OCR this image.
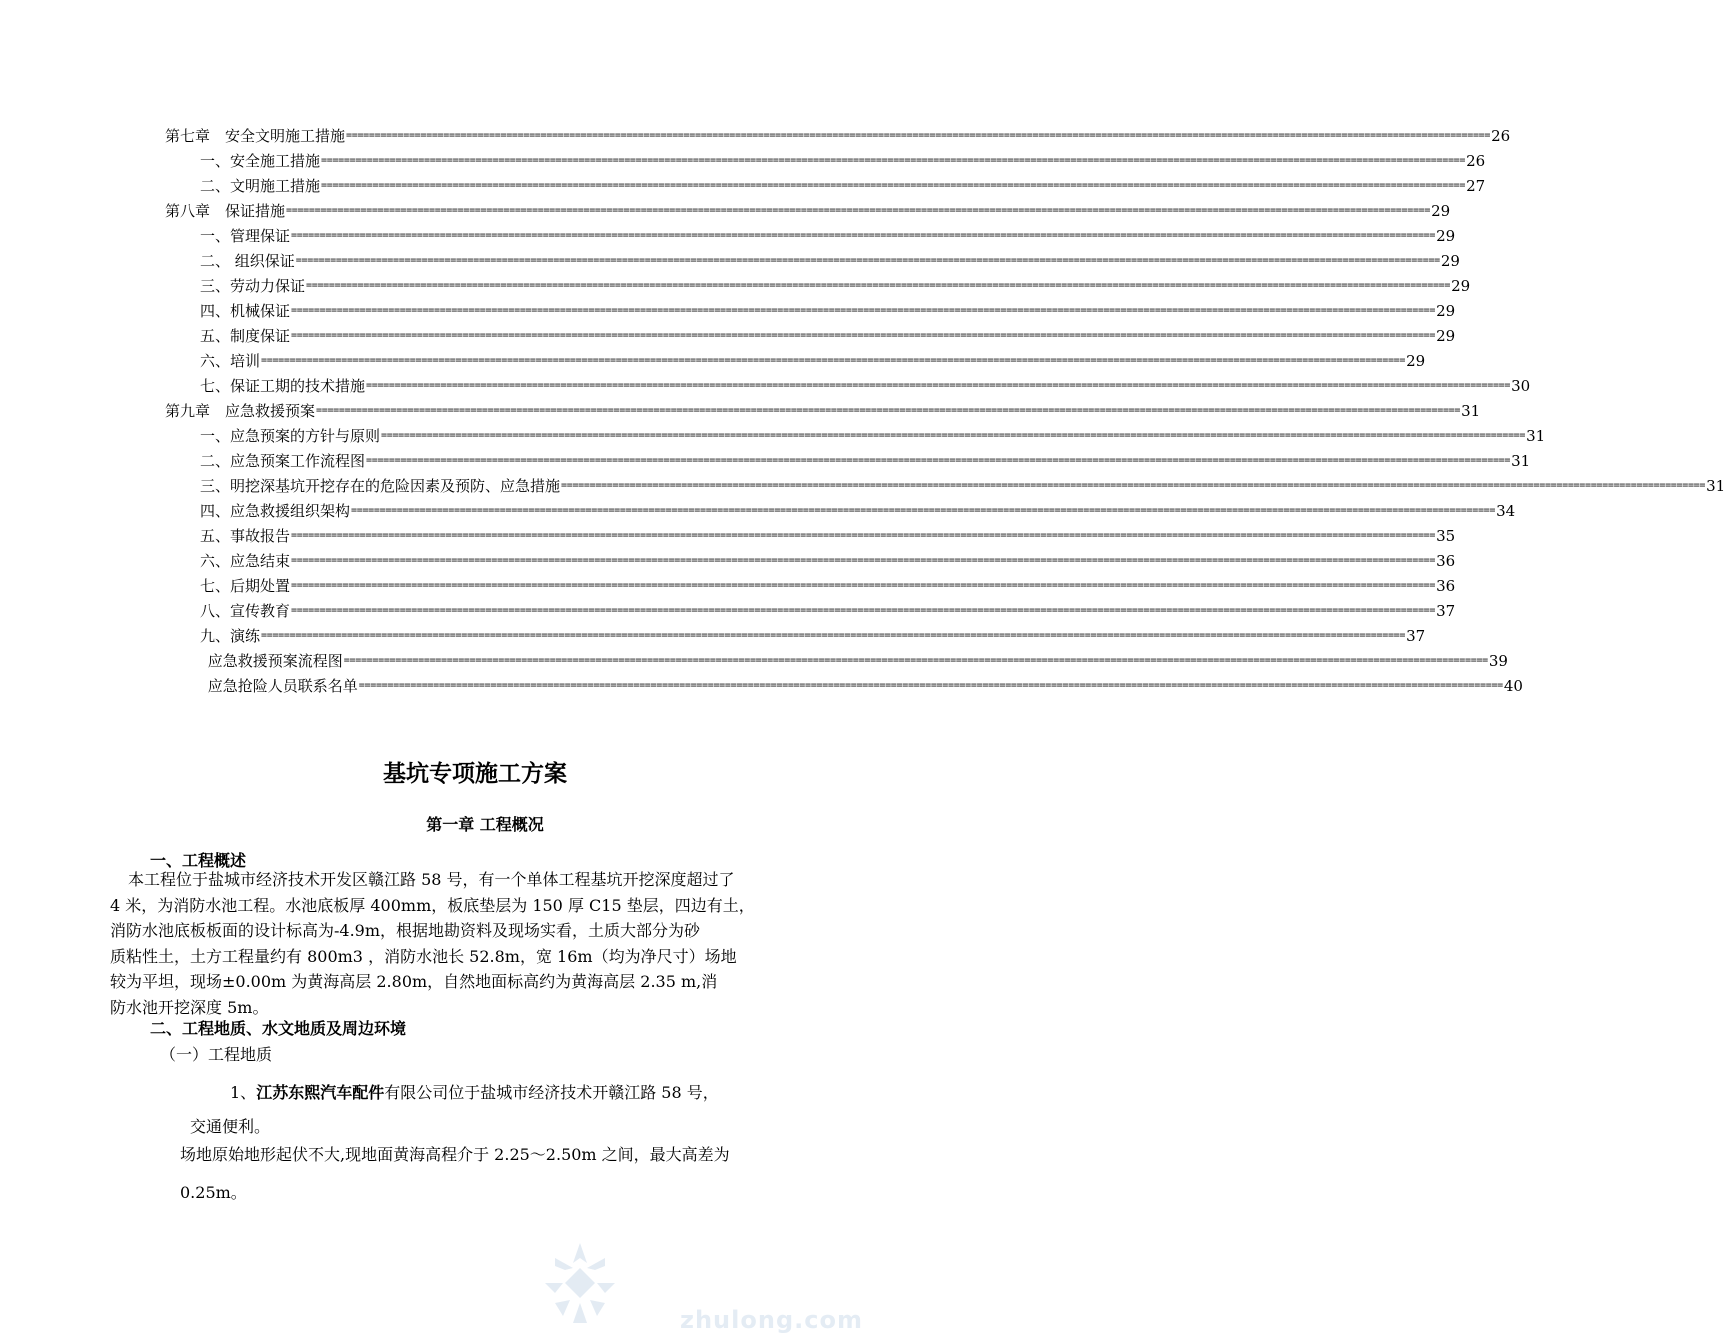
第七章　安全文明施工措施 ======================================================================================================================================================================================================== 26
　一、安全施工措施 ======================================================================================================================================================================================================== 26
　二、文明施工措施 ======================================================================================================================================================================================================== 27
第八章　保证措施 ======================================================================================================================================================================================================== 29
　一、管理保证 ======================================================================================================================================================================================================== 29
　二、 组织保证 ======================================================================================================================================================================================================== 29
　三、劳动力保证 ======================================================================================================================================================================================================== 29
　四、机械保证 ======================================================================================================================================================================================================== 29
　五、制度保证 ======================================================================================================================================================================================================== 29
　六、培训 ======================================================================================================================================================================================================== 29
　七、保证工期的技术措施 ======================================================================================================================================================================================================== 30
第九章　应急救援预案 ======================================================================================================================================================================================================== 31
　一、应急预案的方针与原则 ======================================================================================================================================================================================================== 31
　二、应急预案工作流程图 ======================================================================================================================================================================================================== 31
　三、明挖深基坑开挖存在的危险因素及预防、应急措施 ======================================================================================================================================================================================================== 31
　四、应急救援组织架构 ======================================================================================================================================================================================================== 34
　五、事故报告 ======================================================================================================================================================================================================== 35
　六、应急结束 ======================================================================================================================================================================================================== 36
　七、后期处置 ======================================================================================================================================================================================================== 36
　八、宣传教育 ======================================================================================================================================================================================================== 37
　九、演练 ======================================================================================================================================================================================================== 37
　 应急救援预案流程图 ======================================================================================================================================================================================================== 39
　 应急抢险人员联系名单 ======================================================================================================================================================================================================== 40
基坑专项施工方案
第一章 工程概况
一、工程概述
　本工程位于盐城市经济技术开发区赣江路 58 号，有一个单体工程基坑开挖深度超过了
4 米，为消防水池工程。水池底板厚 400mm，板底垫层为 150 厚 C15 垫层，四边有土，
消防水池底板板面的设计标高为-4.9m，根据地勘资料及现场实看，土质大部分为砂
质粘性土，土方工程量约有 800m3 ，消防水池长 52.8m，宽 16m（均为净尺寸）场地
较为平坦，现场±0.00m 为黄海高层 2.80m，自然地面标高约为黄海高层 2.35 m,消
防水池开挖深度 5m。
二、工程地质、水文地质及周边环境
（一）工程地质
1、江苏东熙汽车配件有限公司位于盐城市经济技术开赣江路 58 号，
交通便利。
场地原始地形起伏不大,现地面黄海高程介于 2.25～2.50m 之间，最大高差为
0.25m。
zhulong.com
